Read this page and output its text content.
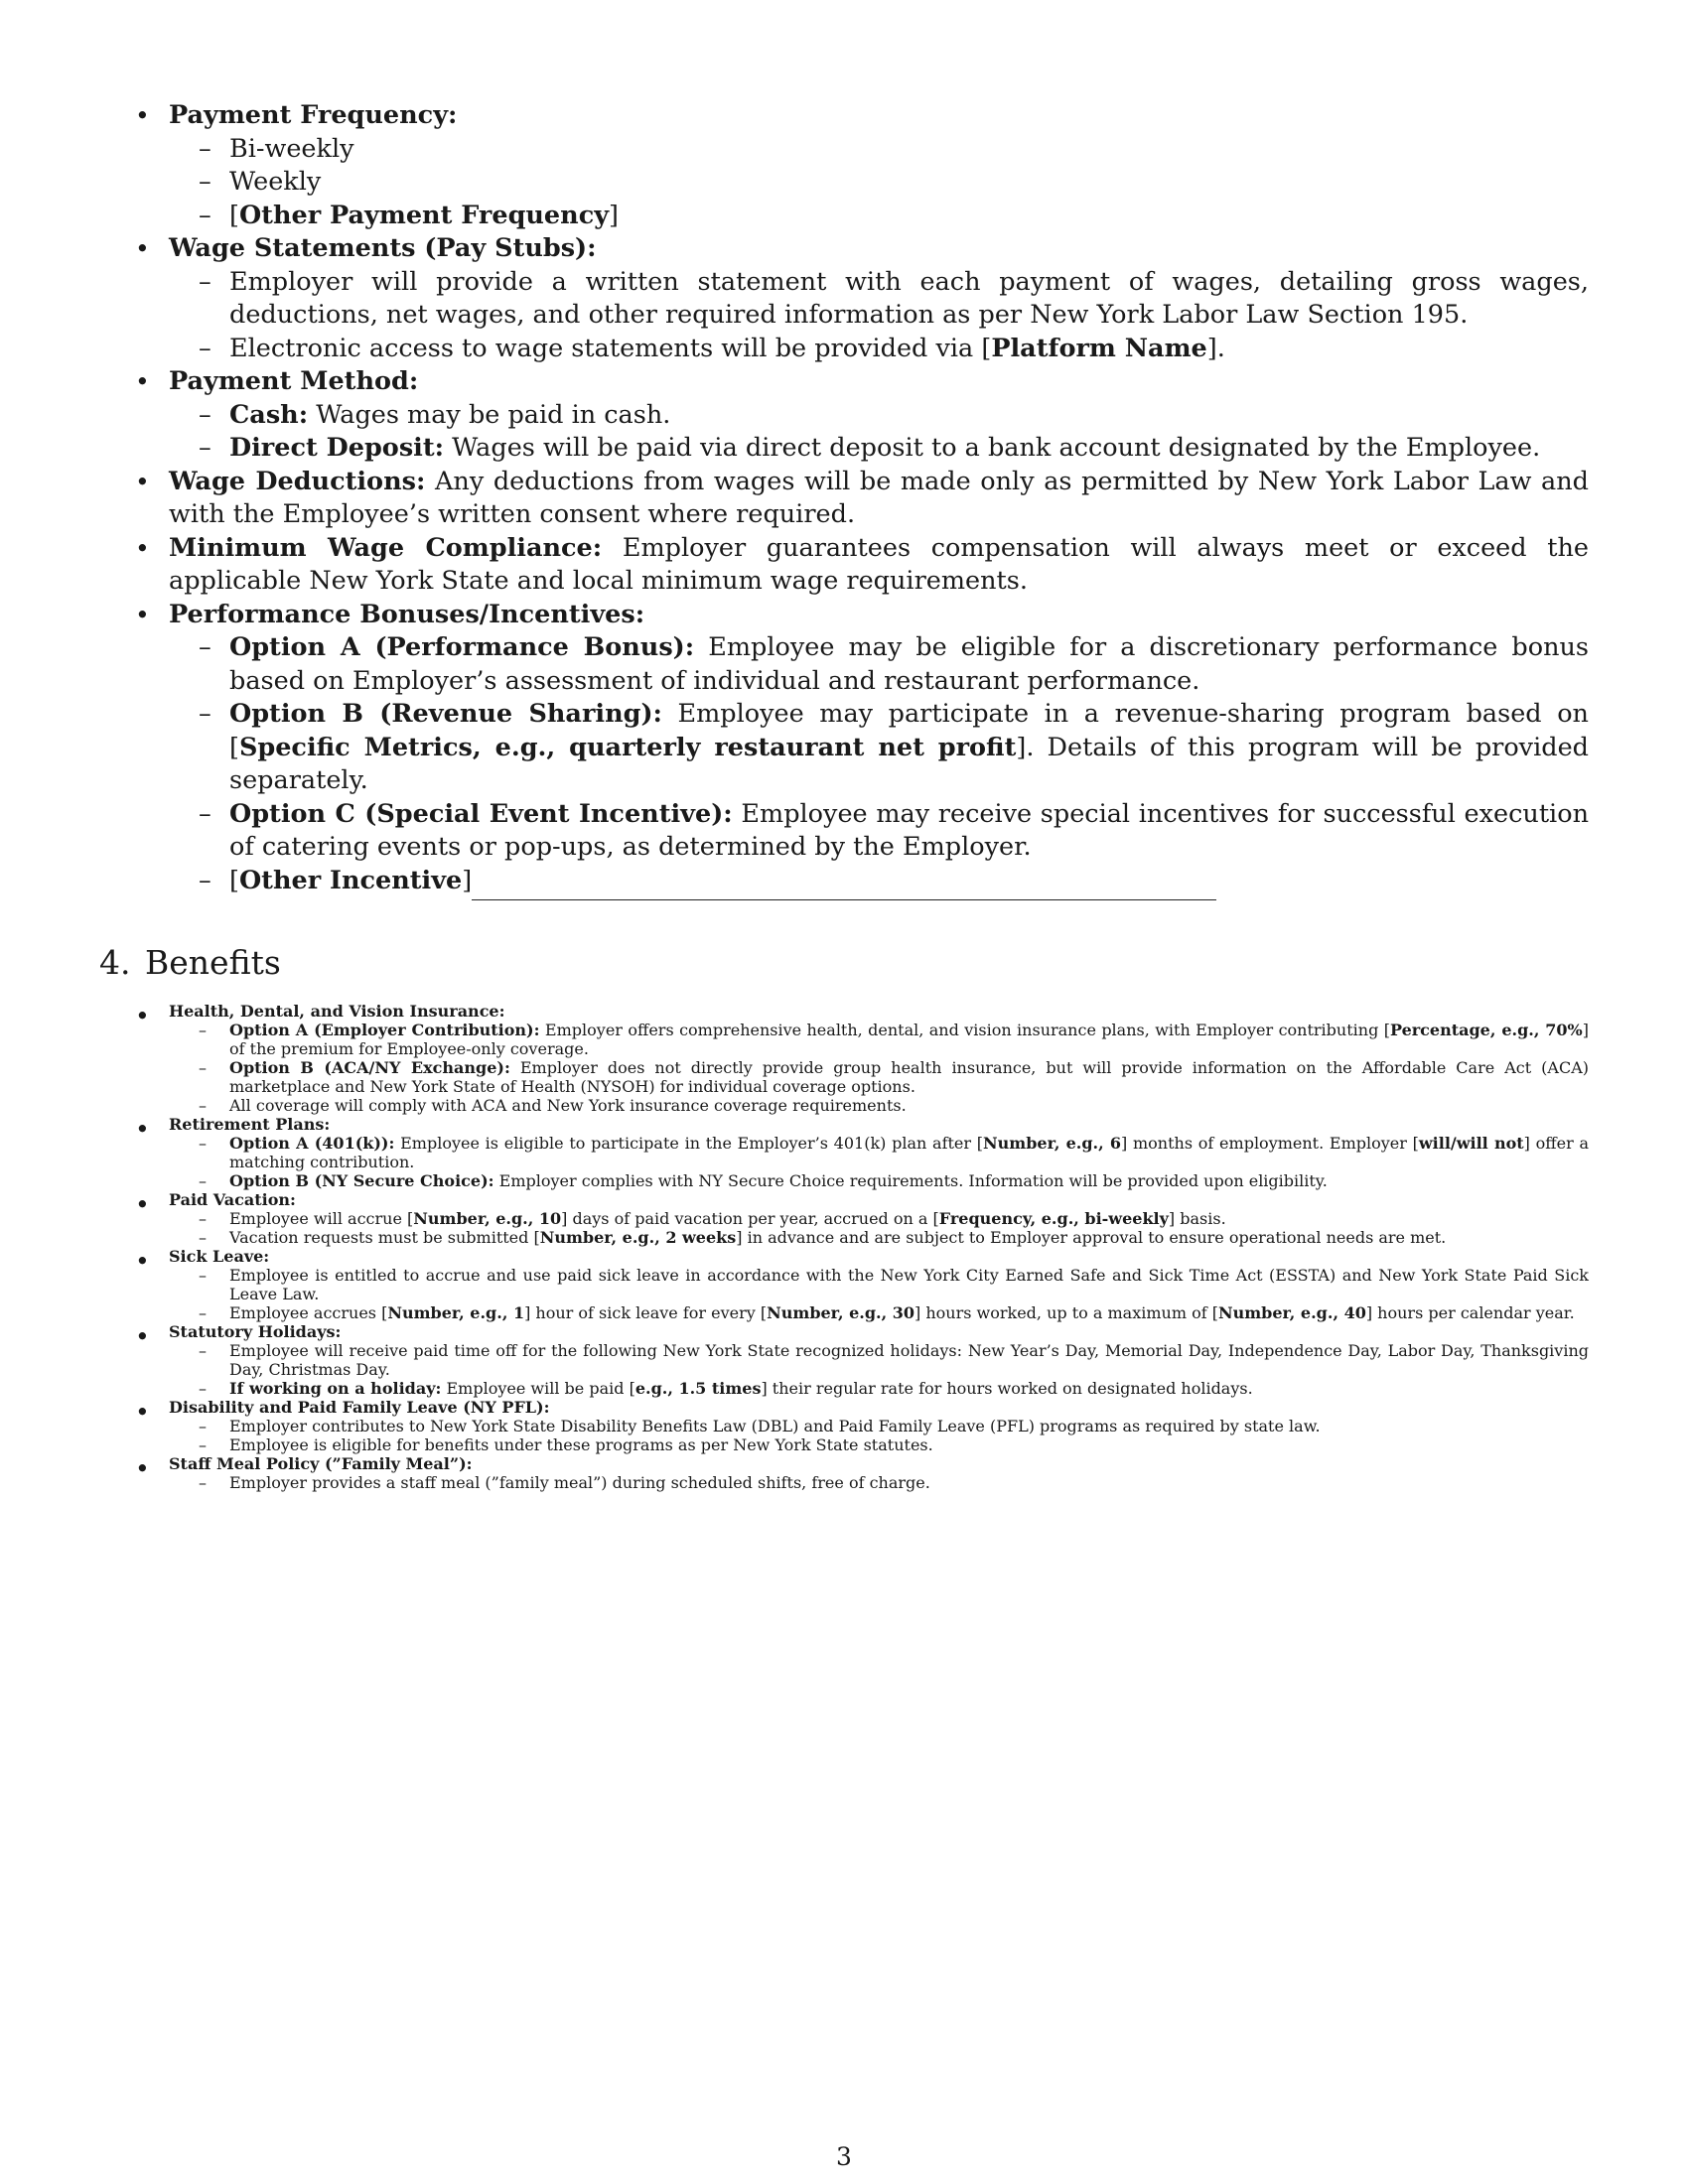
• Payment Frequency:
– Bi-weekly
– Weekly
– [Other Payment Frequency]
• Wage Statements (Pay Stubs):
– Employer will provide a written statement with each payment of wages, detailing gross wages, deductions, net wages, and other required information as per New York Labor Law Section 195.
– Electronic access to wage statements will be provided via [Platform Name].
• Payment Method:
– Cash: Wages may be paid in cash.
– Direct Deposit: Wages will be paid via direct deposit to a bank account designated by the Employee.
• Wage Deductions: Any deductions from wages will be made only as permitted by New York Labor Law and with the Employee’s written consent where required.
• Minimum Wage Compliance: Employer guarantees compensation will always meet or exceed the applicable New York State and local minimum wage requirements.
• Performance Bonuses/Incentives:
– Option A (Performance Bonus): Employee may be eligible for a discretionary performance bonus based on Employer’s assessment of individual and restaurant performance.
– Option B (Revenue Sharing): Employee may participate in a revenue-sharing program based on [Specific Metrics, e.g., quarterly restaurant net profit]. Details of this program will be provided separately.
– Option C (Special Event Incentive): Employee may receive special incentives for successful execution of catering events or pop-ups, as determined by the Employer.
– [Other Incentive]
4. Benefits
• Health, Dental, and Vision Insurance:
– Option A (Employer Contribution): Employer offers comprehensive health, dental, and vision insurance plans, with Employer contributing [Percentage, e.g., 70%] of the premium for Employee-only coverage.
– Option B (ACA/NY Exchange): Employer does not directly provide group health insurance, but will provide information on the Affordable Care Act (ACA) marketplace and New York State of Health (NYSOH) for individual coverage options.
– All coverage will comply with ACA and New York insurance coverage requirements.
• Retirement Plans:
– Option A (401(k)): Employee is eligible to participate in the Employer’s 401(k) plan after [Number, e.g., 6] months of employment. Employer [will/will not] offer a matching contribution.
– Option B (NY Secure Choice): Employer complies with NY Secure Choice requirements. Information will be provided upon eligibility.
• Paid Vacation:
– Employee will accrue [Number, e.g., 10] days of paid vacation per year, accrued on a [Frequency, e.g., bi-weekly] basis.
– Vacation requests must be submitted [Number, e.g., 2 weeks] in advance and are subject to Employer approval to ensure operational needs are met.
• Sick Leave:
– Employee is entitled to accrue and use paid sick leave in accordance with the New York City Earned Safe and Sick Time Act (ESSTA) and New York State Paid Sick Leave Law.
– Employee accrues [Number, e.g., 1] hour of sick leave for every [Number, e.g., 30] hours worked, up to a maximum of [Number, e.g., 40] hours per calendar year.
• Statutory Holidays:
– Employee will receive paid time off for the following New York State recognized holidays: New Year’s Day, Memorial Day, Independence Day, Labor Day, Thanksgiving Day, Christmas Day.
– If working on a holiday: Employee will be paid [e.g., 1.5 times] their regular rate for hours worked on designated holidays.
• Disability and Paid Family Leave (NY PFL):
– Employer contributes to New York State Disability Benefits Law (DBL) and Paid Family Leave (PFL) programs as required by state law.
– Employee is eligible for benefits under these programs as per New York State statutes.
• Staff Meal Policy (”Family Meal”):
– Employer provides a staff meal (”family meal”) during scheduled shifts, free of charge.
3
